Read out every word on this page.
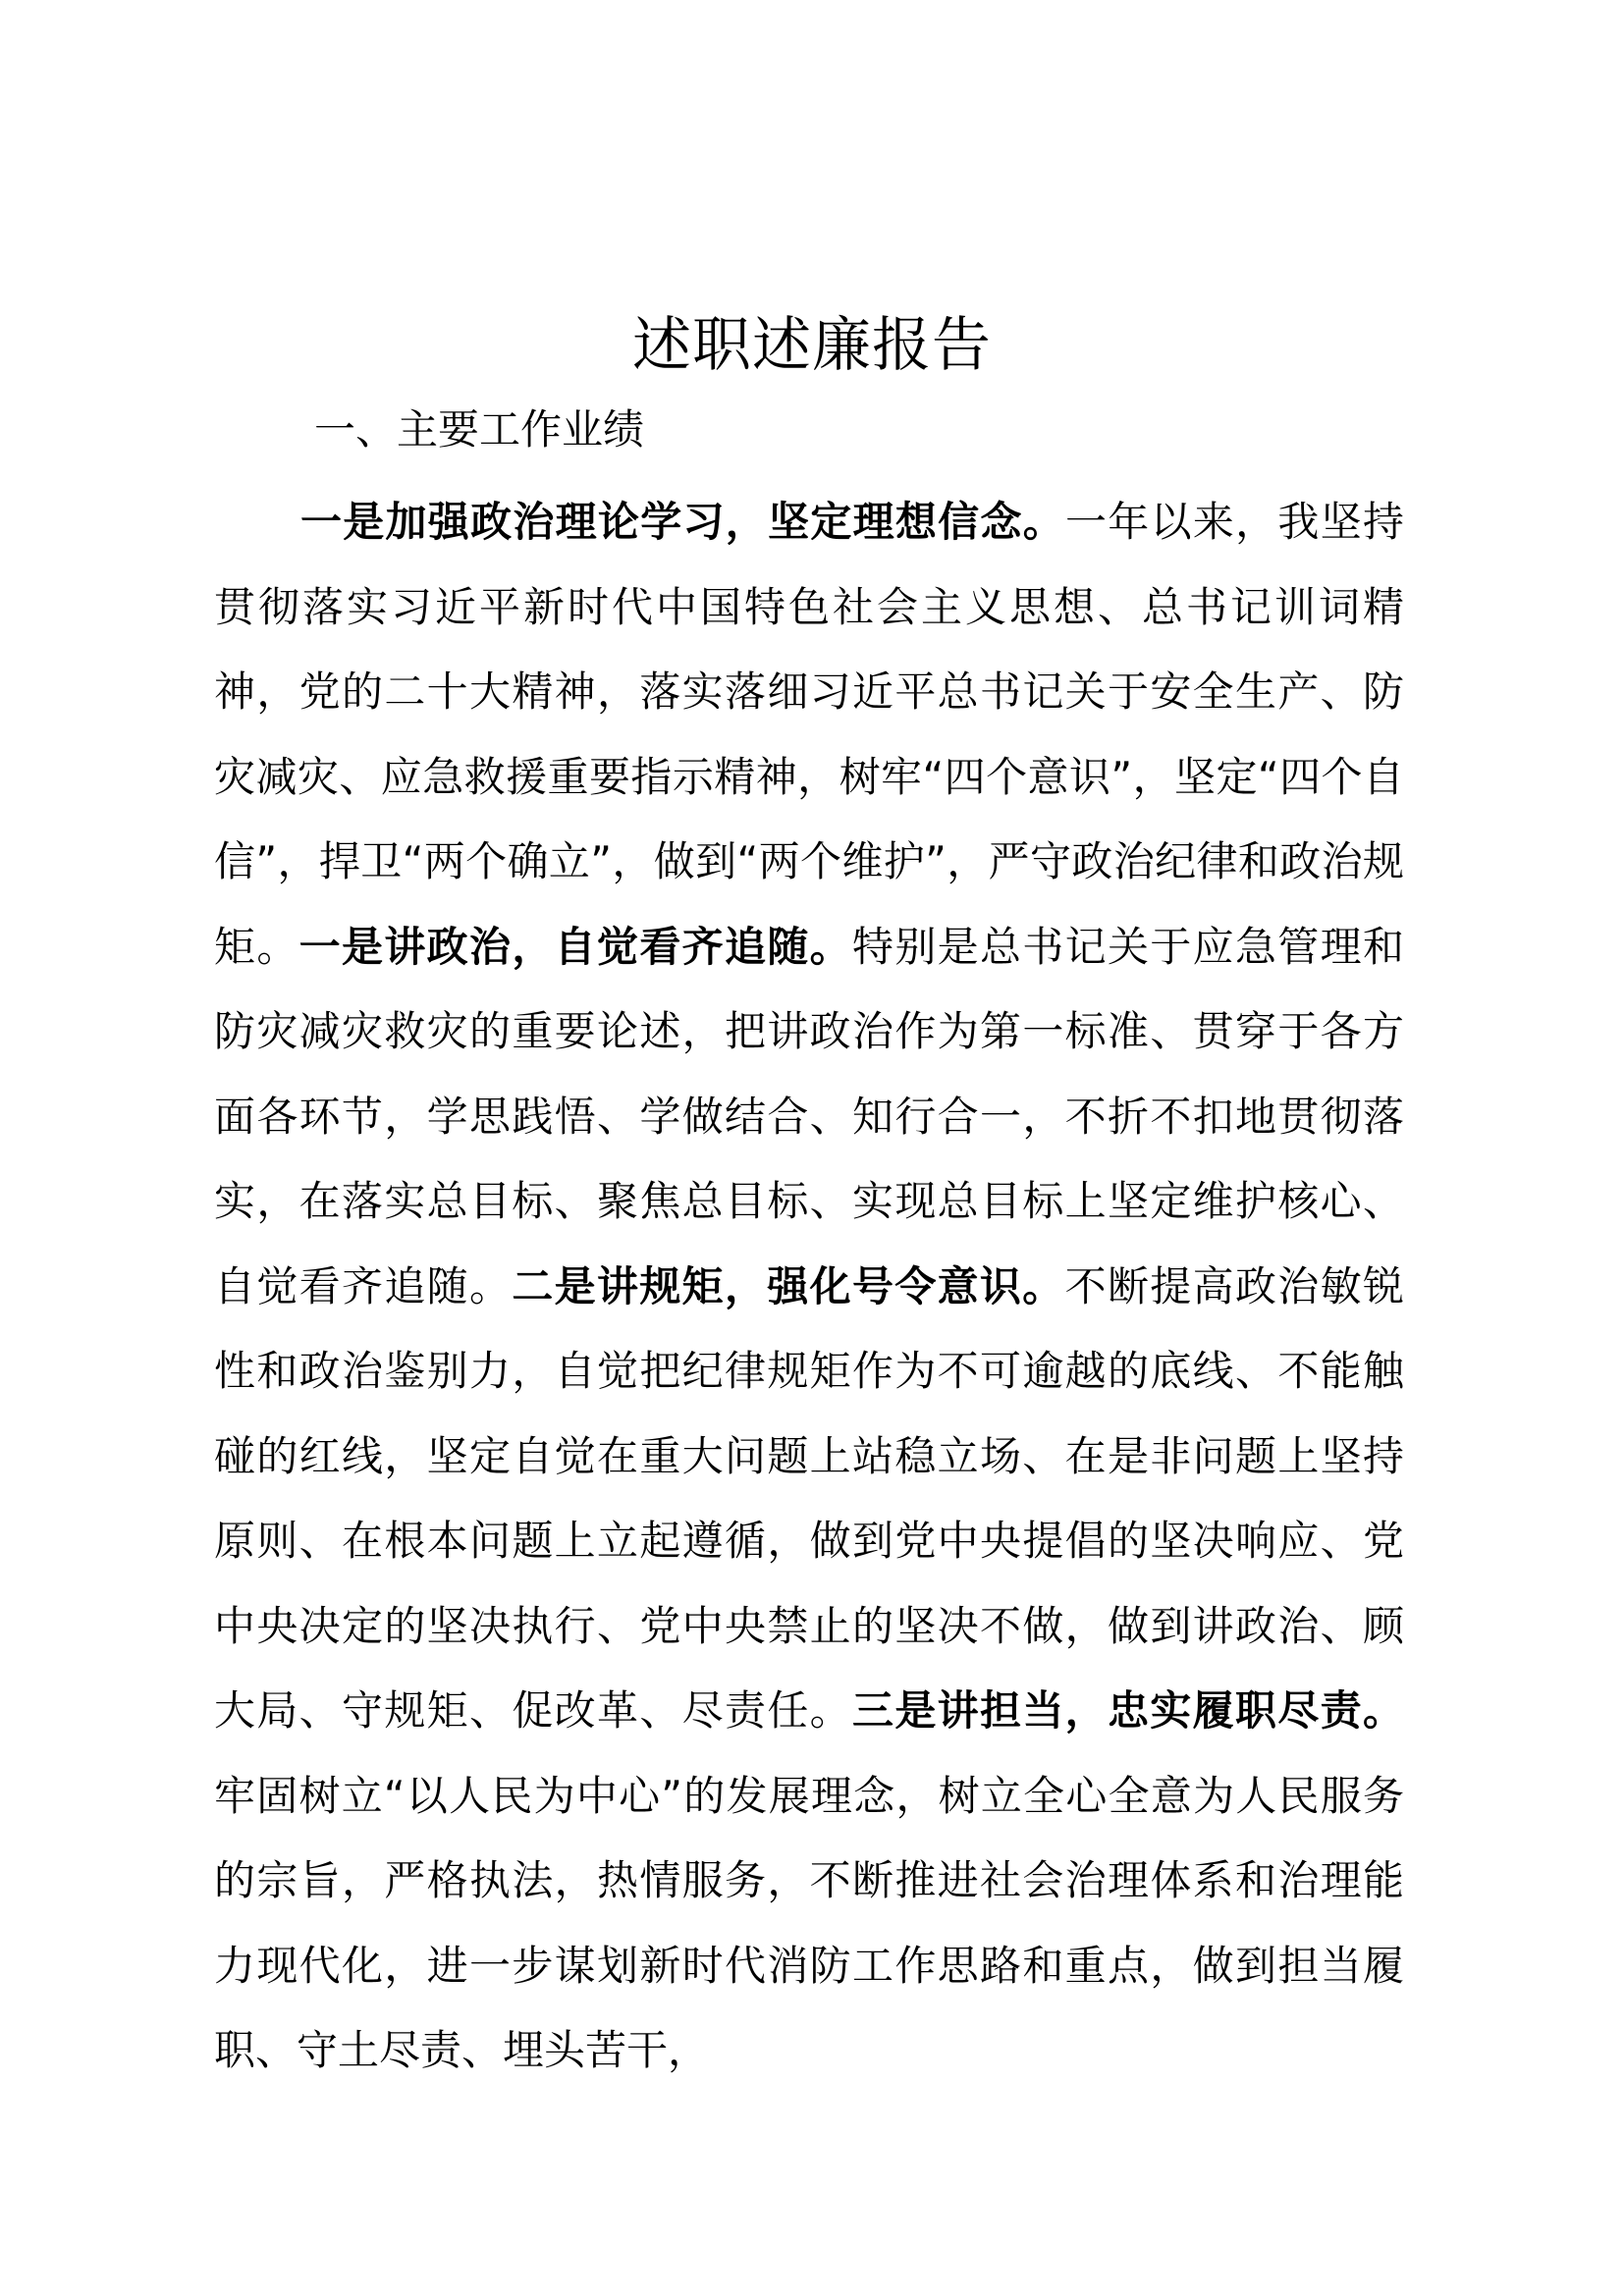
述职述廉报告
一、主要工作业绩

一是加强政治理论学习，坚定理想信念。一年以来，我坚持贯彻落实习近平新时代中国特色社会主义思想、总书记训词精神，党的二十大精神，落实落细习近平总书记关于安全生产、防灾减灾、应急救援重要指示精神，树牢“四个意识”，坚定“四个自信”，捍卫“两个确立”，做到“两个维护”，严守政治纪律和政治规矩。一是讲政治，自觉看齐追随。特别是总书记关于应急管理和防灾减灾救灾的重要论述，把讲政治作为第一标准、贯穿于各方面各环节，学思践悟、学做结合、知行合一，不折不扣地贯彻落实，在落实总目标、聚焦总目标、实现总目标上坚定维护核心、自觉看齐追随。二是讲规矩，强化号令意识。不断提高政治敏锐性和政治鉴别力，自觉把纪律规矩作为不可逾越的底线、不能触碰的红线，坚定自觉在重大问题上站稳立场、在是非问题上坚持原则、在根本问题上立起遵循，做到党中央提倡的坚决响应、党中央决定的坚决执行、党中央禁止的坚决不做，做到讲政治、顾大局、守规矩、促改革、尽责任。三是讲担当，忠实履职尽责。牢固树立“以人民为中心”的发展理念，树立全心全意为人民服务的宗旨，严格执法，热情服务，不断推进社会治理体系和治理能力现代化，进一步谋划新时代消防工作思路和重点，做到担当履职、守土尽责、埋头苦干，
